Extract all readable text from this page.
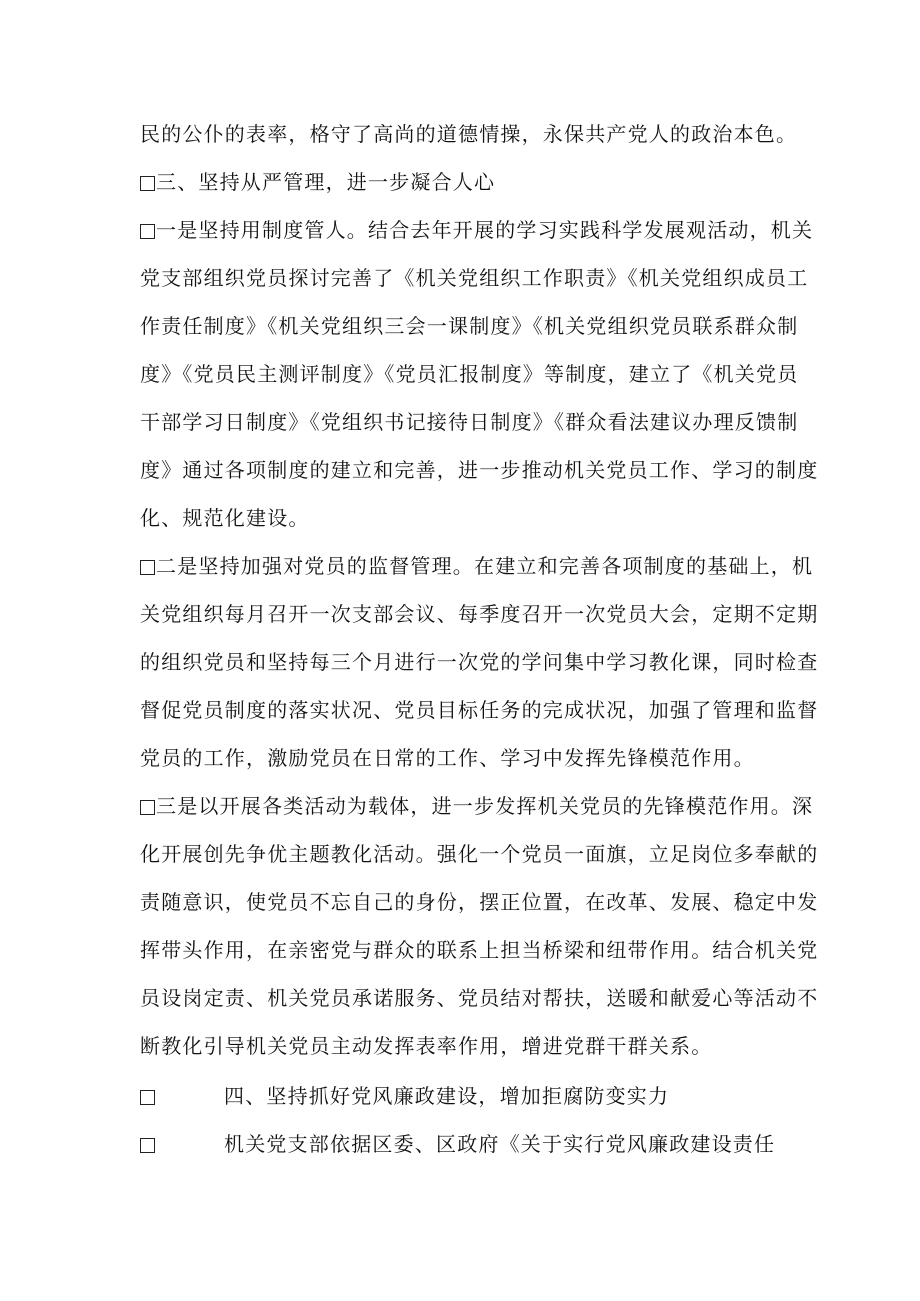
民的公仆的表率，格守了高尚的道德情操，永保共产党人的政治本色。
三、坚持从严管理，进一步凝合人心
一是坚持用制度管人。结合去年开展的学习实践科学发展观活动，机关
党支部组织党员探讨完善了《机关党组织工作职责》《机关党组织成员工
作责任制度》《机关党组织三会一课制度》《机关党组织党员联系群众制
度》《党员民主测评制度》《党员汇报制度》等制度，建立了《机关党员
干部学习日制度》《党组织书记接待日制度》《群众看法建议办理反馈制
度》通过各项制度的建立和完善，进一步推动机关党员工作、学习的制度
化、规范化建设。
二是坚持加强对党员的监督管理。在建立和完善各项制度的基础上，机
关党组织每月召开一次支部会议、每季度召开一次党员大会，定期不定期
的组织党员和坚持每三个月进行一次党的学问集中学习教化课，同时检查
督促党员制度的落实状况、党员目标任务的完成状况，加强了管理和监督
党员的工作，激励党员在日常的工作、学习中发挥先锋模范作用。
三是以开展各类活动为载体，进一步发挥机关党员的先锋模范作用。深
化开展创先争优主题教化活动。强化一个党员一面旗，立足岗位多奉献的
责随意识，使党员不忘自己的身份，摆正位置，在改革、发展、稳定中发
挥带头作用，在亲密党与群众的联系上担当桥梁和纽带作用。结合机关党
员设岗定责、机关党员承诺服务、党员结对帮扶，送暖和献爱心等活动不
断教化引导机关党员主动发挥表率作用，增进党群干群关系。
四、坚持抓好党风廉政建设，增加拒腐防变实力
机关党支部依据区委、区政府《关于实行党风廉政建设责任
